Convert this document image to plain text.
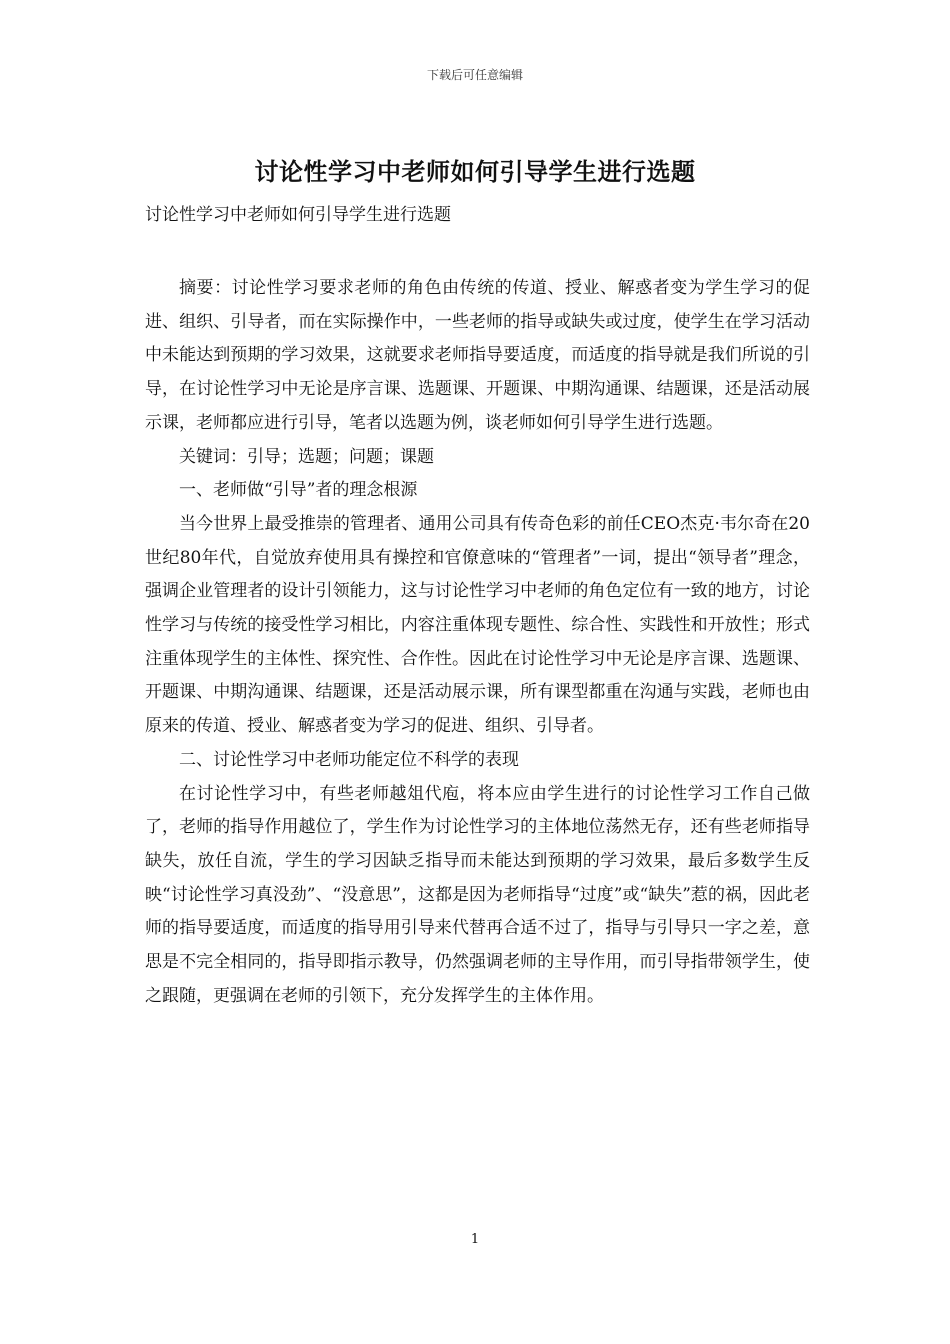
下载后可任意编辑
讨论性学习中老师如何引导学生进行选题
讨论性学习中老师如何引导学生进行选题

摘要：讨论性学习要求老师的角色由传统的传道、授业、解惑者变为学生学习的促进、组织、引导者，而在实际操作中，一些老师的指导或缺失或过度，使学生在学习活动中未能达到预期的学习效果，这就要求老师指导要适度，而适度的指导就是我们所说的引导，在讨论性学习中无论是序言课、选题课、开题课、中期沟通课、结题课，还是活动展示课，老师都应进行引导，笔者以选题为例，谈老师如何引导学生进行选题。

关键词：引导；选题；问题；课题

一、老师做“引导”者的理念根源

当今世界上最受推崇的管理者、通用公司具有传奇色彩的前任CEO杰克·韦尔奇在20世纪80年代，自觉放弃使用具有操控和官僚意味的“管理者”一词，提出“领导者”理念，强调企业管理者的设计引领能力，这与讨论性学习中老师的角色定位有一致的地方，讨论性学习与传统的接受性学习相比，内容注重体现专题性、综合性、实践性和开放性；形式注重体现学生的主体性、探究性、合作性。因此在讨论性学习中无论是序言课、选题课、开题课、中期沟通课、结题课，还是活动展示课，所有课型都重在沟通与实践，老师也由原来的传道、授业、解惑者变为学习的促进、组织、引导者。

二、讨论性学习中老师功能定位不科学的表现

在讨论性学习中，有些老师越俎代庖，将本应由学生进行的讨论性学习工作自己做了，老师的指导作用越位了，学生作为讨论性学习的主体地位荡然无存，还有些老师指导缺失，放任自流，学生的学习因缺乏指导而未能达到预期的学习效果，最后多数学生反映“讨论性学习真没劲”、“没意思”，这都是因为老师指导“过度”或“缺失”惹的祸，因此老师的指导要适度，而适度的指导用引导来代替再合适不过了，指导与引导只一字之差，意思是不完全相同的，指导即指示教导，仍然强调老师的主导作用，而引导指带领学生，使之跟随，更强调在老师的引领下，充分发挥学生的主体作用。

1
